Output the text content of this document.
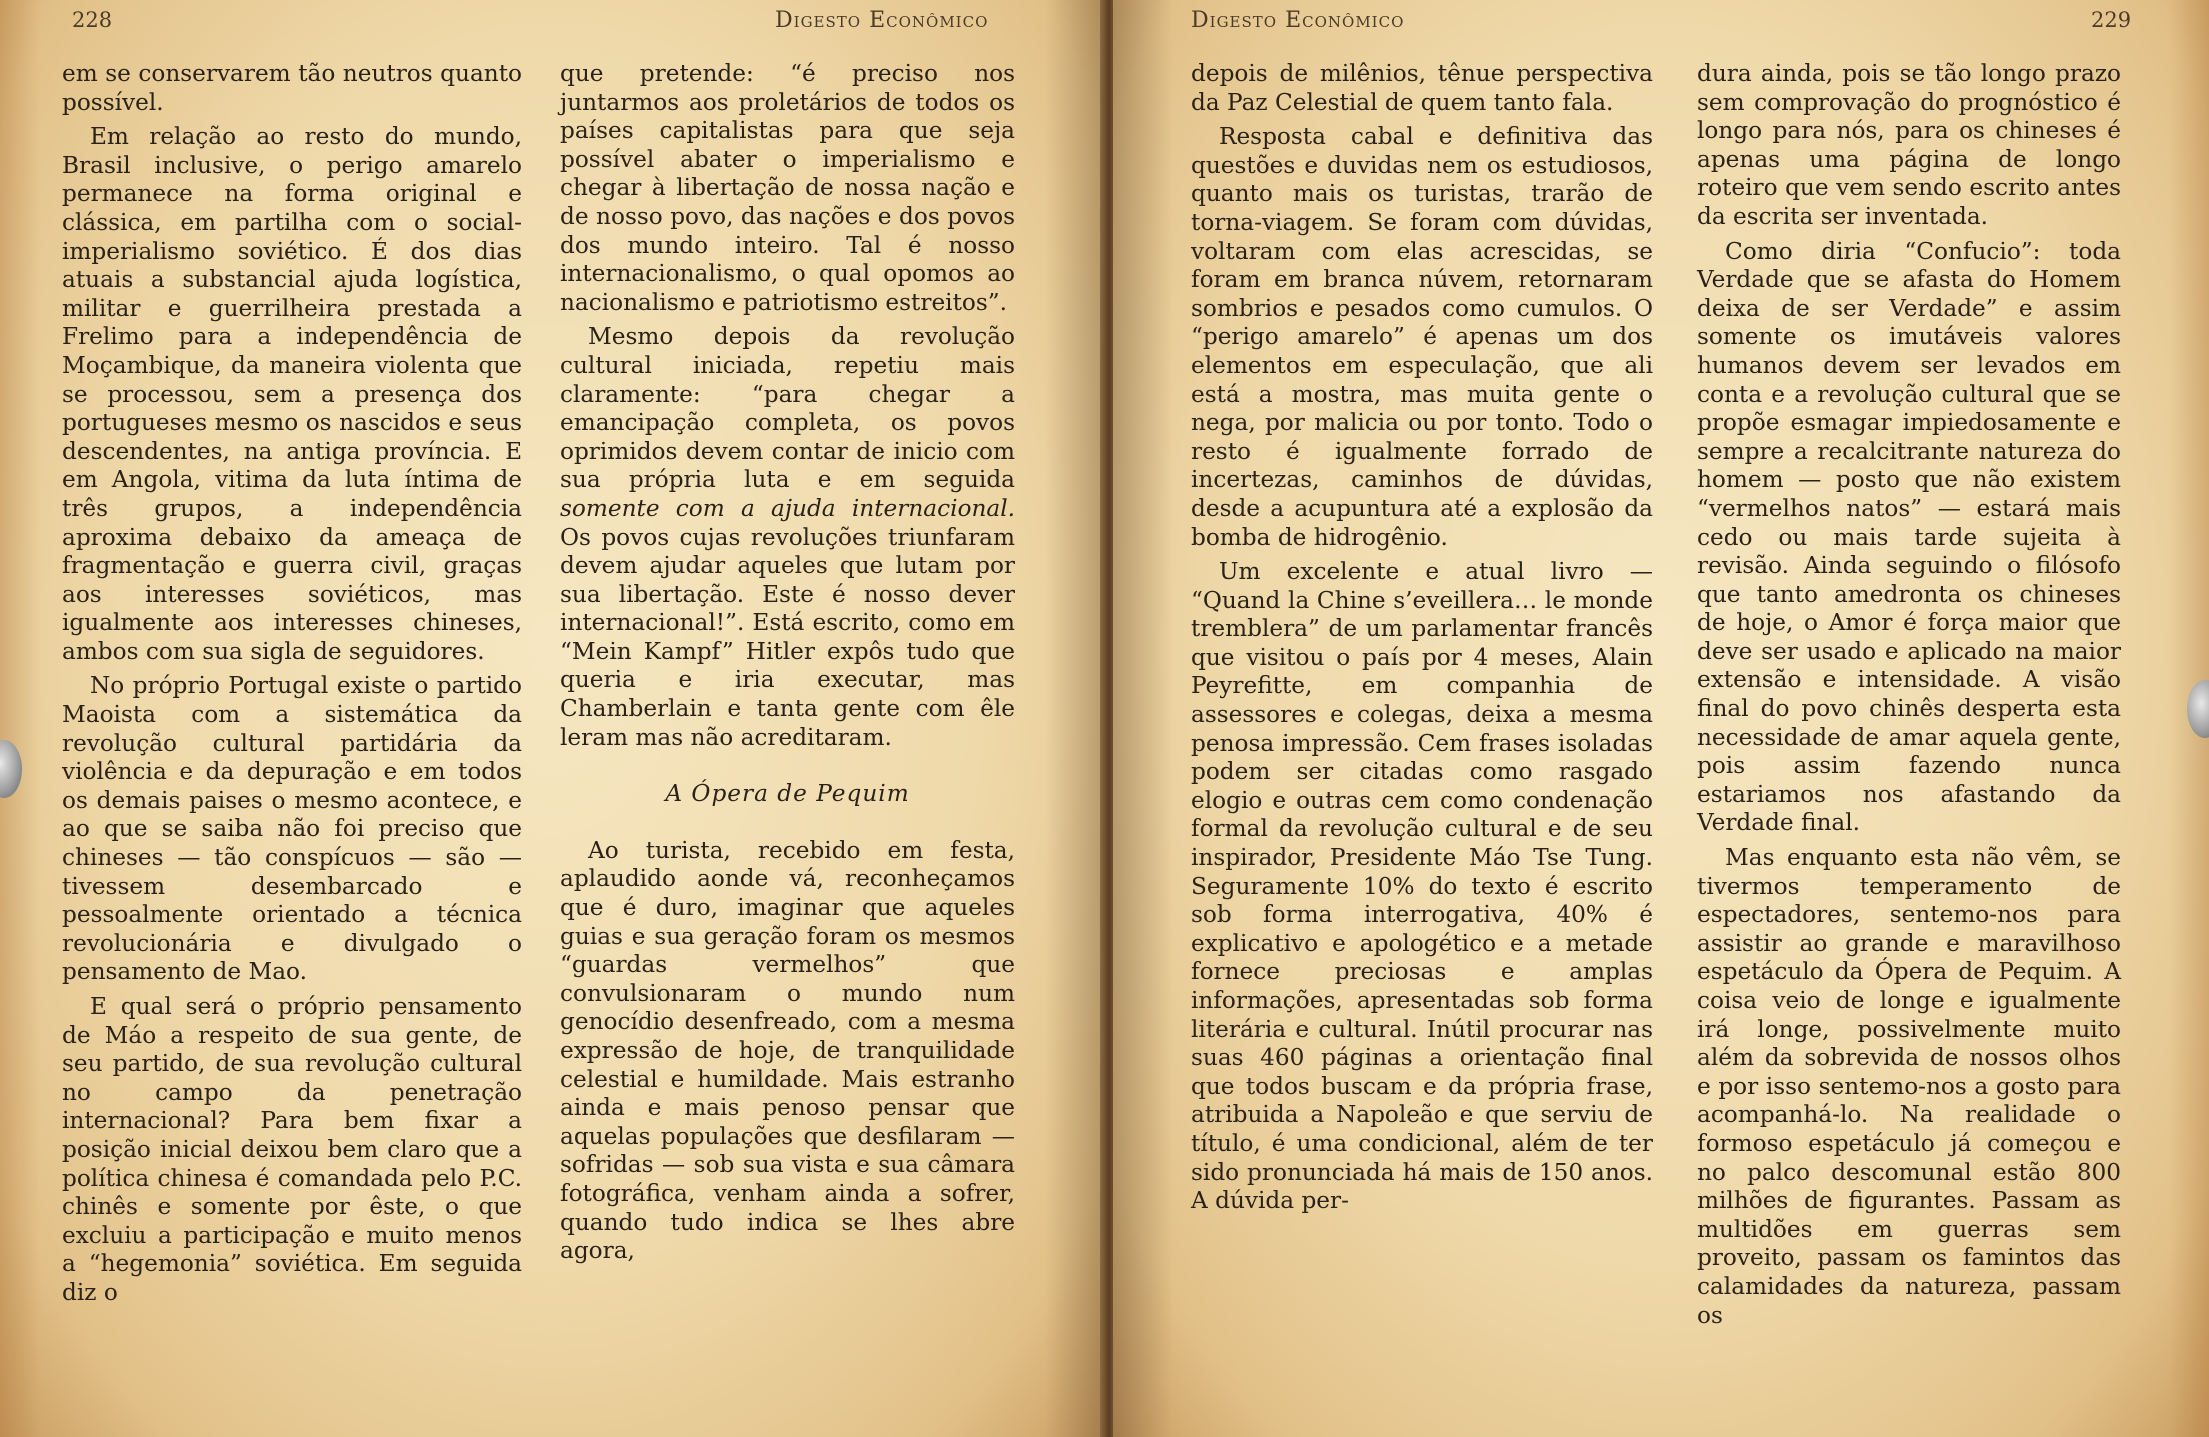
228	Digesto Econômico

em se conservarem tão neutros quanto possível.

Em relação ao resto do mundo, Brasil inclusive, o perigo amarelo permanece na forma original e clássica, em partilha com o social-imperialismo soviético. É dos dias atuais a substancial ajuda logística, militar e guerrilheira prestada a Frelimo para a independência de Moçambique, da maneira violenta que se processou, sem a presença dos portugueses mesmo os nascidos e seus descendentes, na antiga província. E em Angola, vitima da luta íntima de três grupos, a independência aproxima debaixo da ameaça de fragmentação e guerra civil, graças aos interesses soviéticos, mas igualmente aos interesses chineses, ambos com sua sigla de seguidores.

No próprio Portugal existe o partido Maoista com a sistemática da revolução cultural partidária da violência e da depuração e em todos os demais paises o mesmo acontece, e ao que se saiba não foi preciso que chineses — tão conspícuos — são — tivessem desembarcado e pessoalmente orientado a técnica revolucionária e divulgado o pensamento de Mao.

E qual será o próprio pensamento de Máo a respeito de sua gente, de seu partido, de sua revolução cultural no campo da penetração internacional? Para bem fixar a posição inicial deixou bem claro que a política chinesa é comandada pelo P.C. chinês e somente por êste, o que excluiu a participação e muito menos a “hegemonia” soviética. Em seguida diz o

que pretende: “é preciso nos juntarmos aos proletários de todos os países capitalistas para que seja possível abater o imperialismo e chegar à libertação de nossa nação e de nosso povo, das nações e dos povos dos mundo inteiro. Tal é nosso internacionalismo, o qual opomos ao nacionalismo e patriotismo estreitos”.

Mesmo depois da revolução cultural iniciada, repetiu mais claramente: “para chegar a emancipação completa, os povos oprimidos devem contar de inicio com sua própria luta e em seguida somente com a ajuda internacional. Os povos cujas revoluções triunfaram devem ajudar aqueles que lutam por sua libertação. Este é nosso dever internacional!”. Está escrito, como em “Mein Kampf” Hitler expôs tudo que queria e iria executar, mas Chamberlain e tanta gente com êle leram mas não acreditaram.

A Ópera de Pequim

Ao turista, recebido em festa, aplaudido aonde vá, reconheçamos que é duro, imaginar que aqueles guias e sua geração foram os mesmos “guardas vermelhos” que convulsionaram o mundo num genocídio desenfreado, com a mesma expressão de hoje, de tranquilidade celestial e humildade. Mais estranho ainda e mais penoso pensar que aquelas populações que desfilaram — sofridas — sob sua vista e sua câmara fotográfica, venham ainda a sofrer, quando tudo indica se lhes abre agora,

Digesto Econômico	229

depois de milênios, tênue perspectiva da Paz Celestial de quem tanto fala.

Resposta cabal e definitiva das questões e duvidas nem os estudiosos, quanto mais os turistas, trarão de torna-viagem. Se foram com dúvidas, voltaram com elas acrescidas, se foram em branca núvem, retornaram sombrios e pesados como cumulos. O “perigo amarelo” é apenas um dos elementos em especulação, que ali está a mostra, mas muita gente o nega, por malicia ou por tonto. Todo o resto é igualmente forrado de incertezas, caminhos de dúvidas, desde a acupuntura até a explosão da bomba de hidrogênio.

Um excelente e atual livro — “Quand la Chine s’eveillera… le monde tremblera” de um parlamentar francês que visitou o país por 4 meses, Alain Peyrefitte, em companhia de assessores e colegas, deixa a mesma penosa impressão. Cem frases isoladas podem ser citadas como rasgado elogio e outras cem como condenação formal da revolução cultural e de seu inspirador, Presidente Máo Tse Tung. Seguramente 10% do texto é escrito sob forma interrogativa, 40% é explicativo e apologético e a metade fornece preciosas e amplas informações, apresentadas sob forma literária e cultural. Inútil procurar nas suas 460 páginas a orientação final que todos buscam e da própria frase, atribuida a Napoleão e que serviu de título, é uma condicional, além de ter sido pronunciada há mais de 150 anos. A dúvida per-

dura ainda, pois se tão longo prazo sem comprovação do prognóstico é longo para nós, para os chineses é apenas uma página de longo roteiro que vem sendo escrito antes da escrita ser inventada.

Como diria “Confucio”: toda Verdade que se afasta do Homem deixa de ser Verdade” e assim somente os imutáveis valores humanos devem ser levados em conta e a revolução cultural que se propõe esmagar impiedosamente e sempre a recalcitrante natureza do homem — posto que não existem “vermelhos natos” — estará mais cedo ou mais tarde sujeita à revisão. Ainda seguindo o filósofo que tanto amedronta os chineses de hoje, o Amor é força maior que deve ser usado e aplicado na maior extensão e intensidade. A visão final do povo chinês desperta esta necessidade de amar aquela gente, pois assim fazendo nunca estariamos nos afastando da Verdade final.

Mas enquanto esta não vêm, se tivermos temperamento de espectadores, sentemo-nos para assistir ao grande e maravilhoso espetáculo da Ópera de Pequim. A coisa veio de longe e igualmente irá longe, possivelmente muito além da sobrevida de nossos olhos e por isso sentemo-nos a gosto para acompanhá-lo. Na realidade o formoso espetáculo já começou e no palco descomunal estão 800 milhões de figurantes. Passam as multidões em guerras sem proveito, passam os famintos das calamidades da natureza, passam os
